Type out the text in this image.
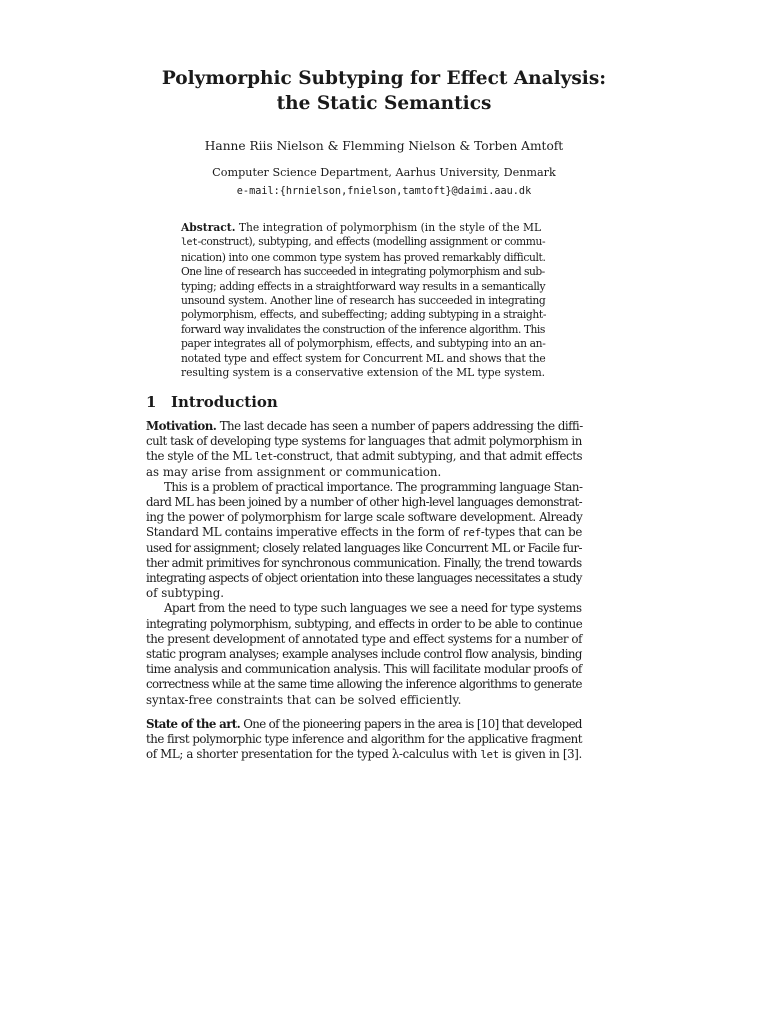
Polymorphic Subtyping for Effect Analysis:
the Static Semantics
Hanne Riis Nielson & Flemming Nielson & Torben Amtoft
Computer Science Department, Aarhus University, Denmark
e-mail:{hrnielson,fnielson,tamtoft}@daimi.aau.dk
Abstract. The integration of polymorphism (in the style of the ML
let-construct), subtyping, and effects (modelling assignment or commu-
nication) into one common type system has proved remarkably difficult.
One line of research has succeeded in integrating polymorphism and sub-
typing; adding effects in a straightforward way results in a semantically
unsound system. Another line of research has succeeded in integrating
polymorphism, effects, and subeffecting; adding subtyping in a straight-
forward way invalidates the construction of the inference algorithm. This
paper integrates all of polymorphism, effects, and subtyping into an an-
notated type and effect system for Concurrent ML and shows that the
resulting system is a conservative extension of the ML type system.
1 Introduction
Motivation. The last decade has seen a number of papers addressing the diffi-
cult task of developing type systems for languages that admit polymorphism in
the style of the ML let-construct, that admit subtyping, and that admit effects
as may arise from assignment or communication.
This is a problem of practical importance. The programming language Stan-
dard ML has been joined by a number of other high-level languages demonstrat-
ing the power of polymorphism for large scale software development. Already
Standard ML contains imperative effects in the form of ref-types that can be
used for assignment; closely related languages like Concurrent ML or Facile fur-
ther admit primitives for synchronous communication. Finally, the trend towards
integrating aspects of object orientation into these languages necessitates a study
of subtyping.
Apart from the need to type such languages we see a need for type systems
integrating polymorphism, subtyping, and effects in order to be able to continue
the present development of annotated type and effect systems for a number of
static program analyses; example analyses include control flow analysis, binding
time analysis and communication analysis. This will facilitate modular proofs of
correctness while at the same time allowing the inference algorithms to generate
syntax-free constraints that can be solved efficiently.
State of the art. One of the pioneering papers in the area is [10] that developed
the first polymorphic type inference and algorithm for the applicative fragment
of ML; a shorter presentation for the typed λ-calculus with let is given in [3].
